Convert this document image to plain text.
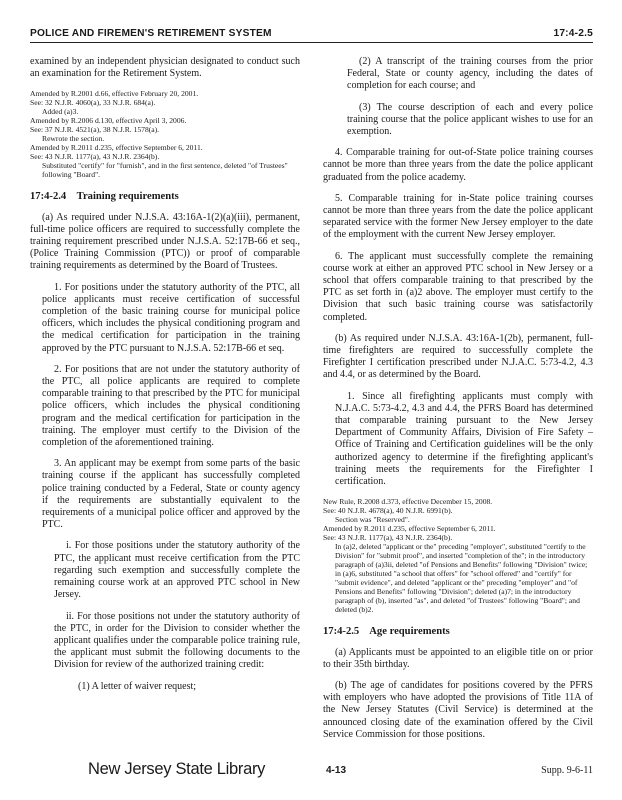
POLICE AND FIREMEN'S RETIREMENT SYSTEM	17:4-2.5

examined by an independent physician designated to conduct such an examination for the Retirement System.

Amended by R.2001 d.66, effective February 20, 2001.
See: 32 N.J.R. 4060(a), 33 N.J.R. 684(a).
Added (a)3.
Amended by R.2006 d.130, effective April 3, 2006.
See: 37 N.J.R. 4521(a), 38 N.J.R. 1578(a).
Rewrote the section.
Amended by R.2011 d.235, effective September 6, 2011.
See: 43 N.J.R. 1177(a), 43 N.J.R. 2364(b).
Substituted "certify" for "furnish", and in the first sentence, deleted "of Trustees" following "Board".
17:4-2.4 Training requirements

(a) As required under N.J.S.A. 43:16A-1(2)(a)(iii), permanent, full-time police officers are required to successfully complete the training requirement prescribed under N.J.S.A. 52:17B-66 et seq., (Police Training Commission (PTC)) or proof of comparable training requirements as determined by the Board of Trustees.

1. For positions under the statutory authority of the PTC, all police applicants must receive certification of successful completion of the basic training course for municipal police officers, which includes the physical conditioning program and the medical certification for participation in the training approved by the PTC pursuant to N.J.S.A. 52:17B-66 et seq.

2. For positions that are not under the statutory authority of the PTC, all police applicants are required to complete comparable training to that prescribed by the PTC for municipal police officers, which includes the physical conditioning program and the medical certification for participation in the training. The employer must certify to the Division of the completion of the aforementioned training.

3. An applicant may be exempt from some parts of the basic training course if the applicant has successfully completed police training conducted by a Federal, State or county agency if the requirements are substantially equivalent to the requirements of a municipal police officer and approved by the PTC.

i. For those positions under the statutory authority of the PTC, the applicant must receive certification from the PTC regarding such exemption and successfully complete the remaining course work at an approved PTC school in New Jersey.

ii. For those positions not under the statutory authority of the PTC, in order for the Division to consider whether the applicant qualifies under the comparable police training rule, the applicant must submit the following documents to the Division for review of the authorized training credit:

(1) A letter of waiver request;

(2) A transcript of the training courses from the prior Federal, State or county agency, including the dates of completion for each course; and

(3) The course description of each and every police training course that the police applicant wishes to use for an exemption.

4. Comparable training for out-of-State police training courses cannot be more than three years from the date the police applicant graduated from the police academy.

5. Comparable training for in-State police training courses cannot be more than three years from the date the police applicant separated service with the former New Jersey employer to the date of the employment with the current New Jersey employer.

6. The applicant must successfully complete the remaining course work at either an approved PTC school in New Jersey or a school that offers comparable training to that prescribed by the PTC as set forth in (a)2 above. The employer must certify to the Division that such basic training course was satisfactorily completed.

(b) As required under N.J.S.A. 43:16A-1(2b), permanent, full-time firefighters are required to successfully complete the Firefighter I certification prescribed under N.J.A.C. 5:73-4.2, 4.3 and 4.4, or as determined by the Board.

1. Since all firefighting applicants must comply with N.J.A.C. 5:73-4.2, 4.3 and 4.4, the PFRS Board has determined that comparable training pursuant to the New Jersey Department of Community Affairs, Division of Fire Safety – Office of Training and Certification guidelines will be the only authorized agency to determine if the firefighting applicant's training meets the requirements for the Firefighter I certification.

New Rule, R.2008 d.373, effective December 15, 2008.
See: 40 N.J.R. 4678(a), 40 N.J.R. 6991(b).
Section was "Reserved".
Amended by R.2011 d.235, effective September 6, 2011.
See: 43 N.J.R. 1177(a), 43 N.J.R. 2364(b).
In (a)2, deleted "applicant or the" preceding "employer", substituted "certify to the Division" for "submit proof", and inserted "completion of the"; in the introductory paragraph of (a)3ii, deleted "of Pensions and Benefits" following "Division" twice; in (a)6, substituted "a school that offers" for "school offered" and "certify" for "submit evidence", and deleted "applicant or the" preceding "employer" and "of Pensions and Benefits" following "Division"; deleted (a)7; in the introductory paragraph of (b), inserted "as", and deleted "of Trustees" following "Board"; and deleted (b)2.
17:4-2.5 Age requirements

(a) Applicants must be appointed to an eligible title on or prior to their 35th birthday.

(b) The age of candidates for positions covered by the PFRS with employers who have adopted the provisions of Title 11A of the New Jersey Statutes (Civil Service) is determined at the announced closing date of the examination offered by the Civil Service Commission for those positions.

New Jersey State Library	4-13	Supp. 9-6-11
